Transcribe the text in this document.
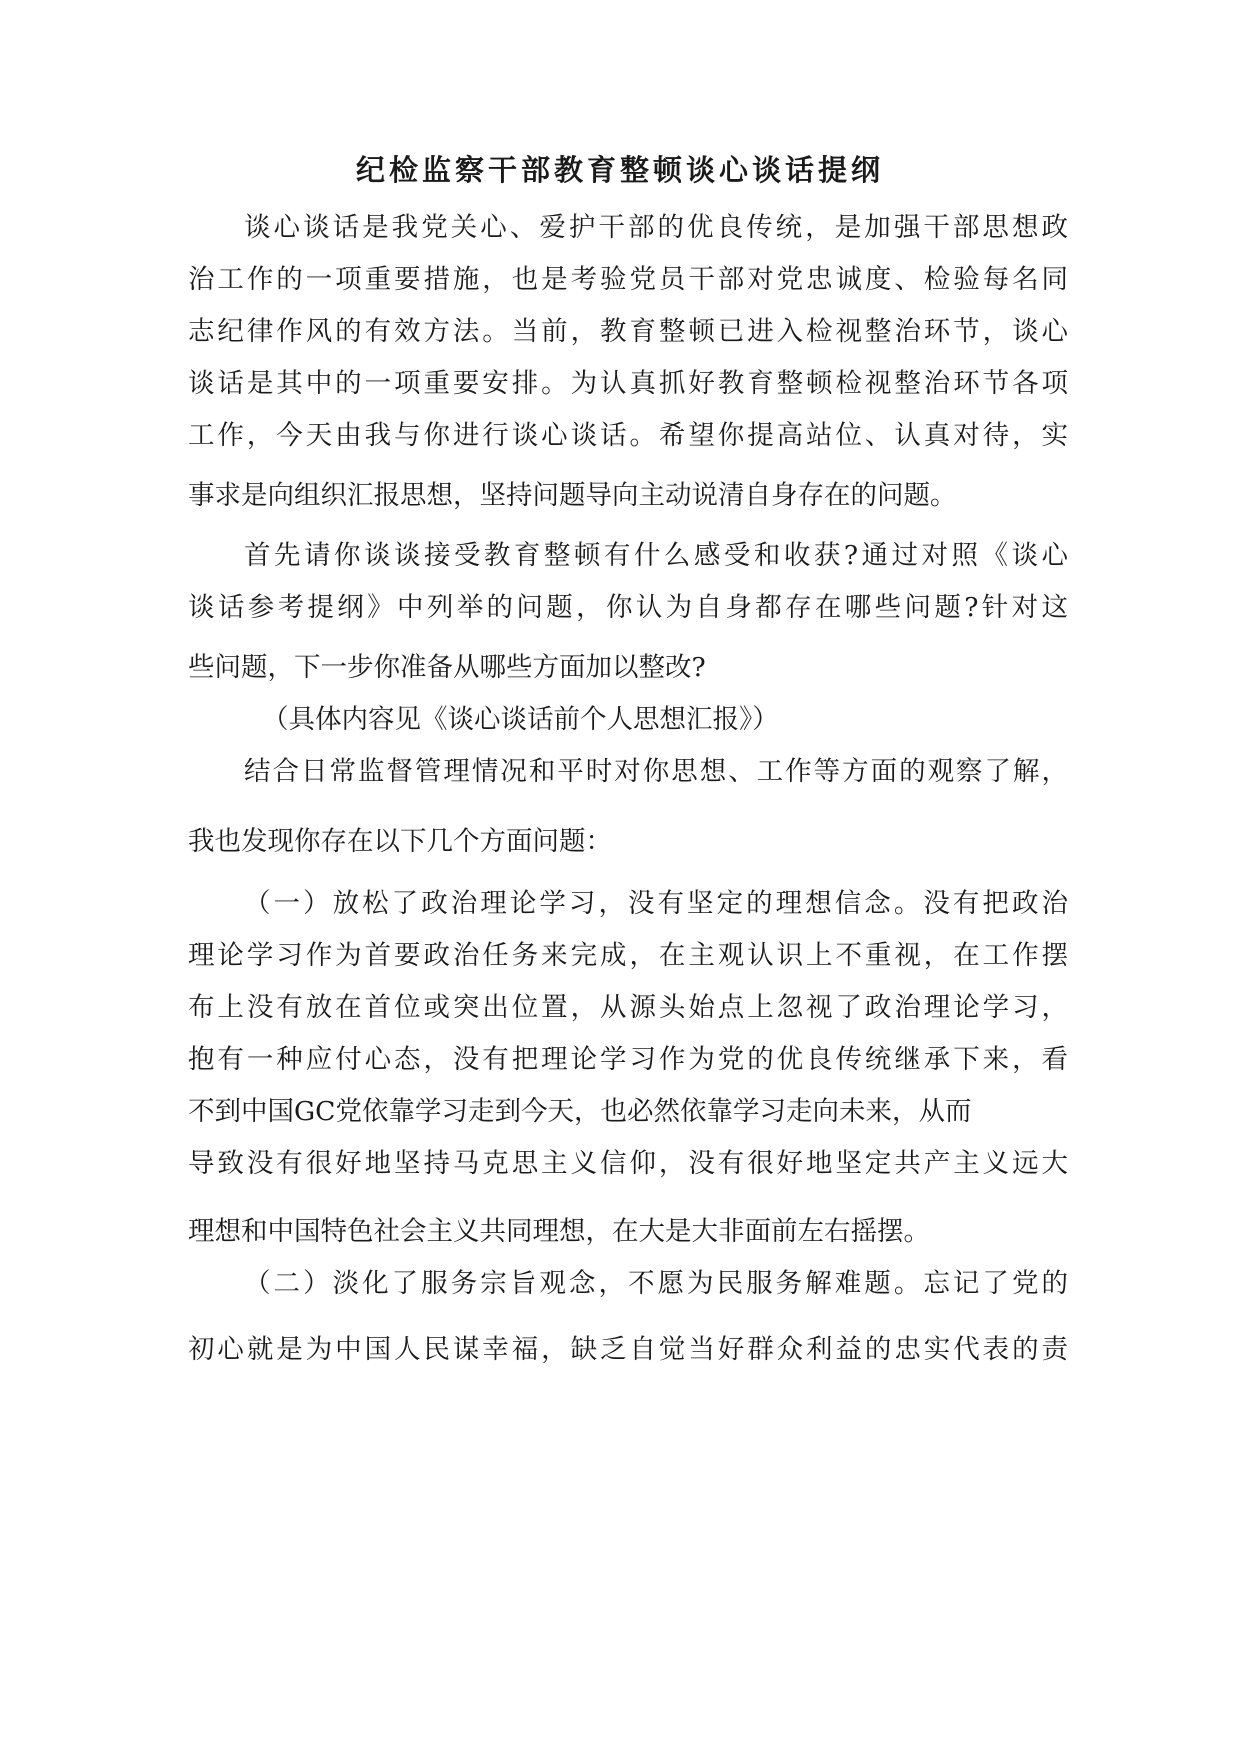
纪检监察干部教育整顿谈心谈话提纲
谈心谈话是我党关心、爱护干部的优良传统，是加强干部思想政
治工作的一项重要措施，也是考验党员干部对党忠诚度、检验每名同
志纪律作风的有效方法。当前，教育整顿已进入检视整治环节，谈心
谈话是其中的一项重要安排。为认真抓好教育整顿检视整治环节各项
工作，今天由我与你进行谈心谈话。希望你提高站位、认真对待，实
事求是向组织汇报思想，坚持问题导向主动说清自身存在的问题。
首先请你谈谈接受教育整顿有什么感受和收获?通过对照《谈心
谈话参考提纲》中列举的问题，你认为自身都存在哪些问题?针对这
些问题，下一步你准备从哪些方面加以整改?
（具体内容见《谈心谈话前个人思想汇报》）
结合日常监督管理情况和平时对你思想、工作等方面的观察了解，
我也发现你存在以下几个方面问题：
（一）放松了政治理论学习，没有坚定的理想信念。没有把政治
理论学习作为首要政治任务来完成，在主观认识上不重视，在工作摆
布上没有放在首位或突出位置，从源头始点上忽视了政治理论学习，
抱有一种应付心态，没有把理论学习作为党的优良传统继承下来，看
不到中国GC党依靠学习走到今天，也必然依靠学习走向未来，从而
导致没有很好地坚持马克思主义信仰，没有很好地坚定共产主义远大
理想和中国特色社会主义共同理想，在大是大非面前左右摇摆。
（二）淡化了服务宗旨观念，不愿为民服务解难题。忘记了党的
初心就是为中国人民谋幸福，缺乏自觉当好群众利益的忠实代表的责
